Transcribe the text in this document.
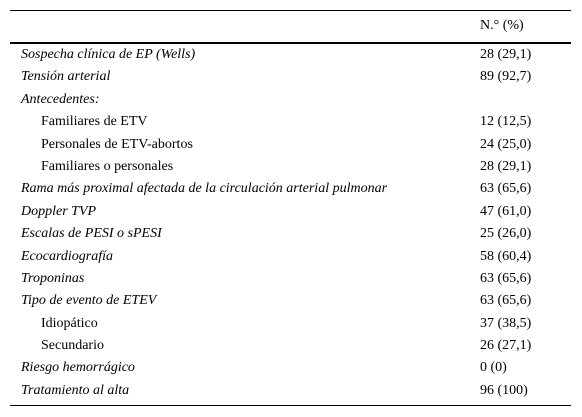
N.° (%)
Sospecha clínica de EP (Wells)	28 (29,1)
Tensión arterial	89 (92,7)
Antecedentes:
Familiares de ETV	12 (12,5)
Personales de ETV-abortos	24 (25,0)
Familiares o personales	28 (29,1)
Rama más proximal afectada de la circulación arterial pulmonar	63 (65,6)
Doppler TVP	47 (61,0)
Escalas de PESI o sPESI	25 (26,0)
Ecocardiografía	58 (60,4)
Troponinas	63 (65,6)
Tipo de evento de ETEV	63 (65,6)
Idiopático	37 (38,5)
Secundario	26 (27,1)
Riesgo hemorrágico	0 (0)
Tratamiento al alta	96 (100)
